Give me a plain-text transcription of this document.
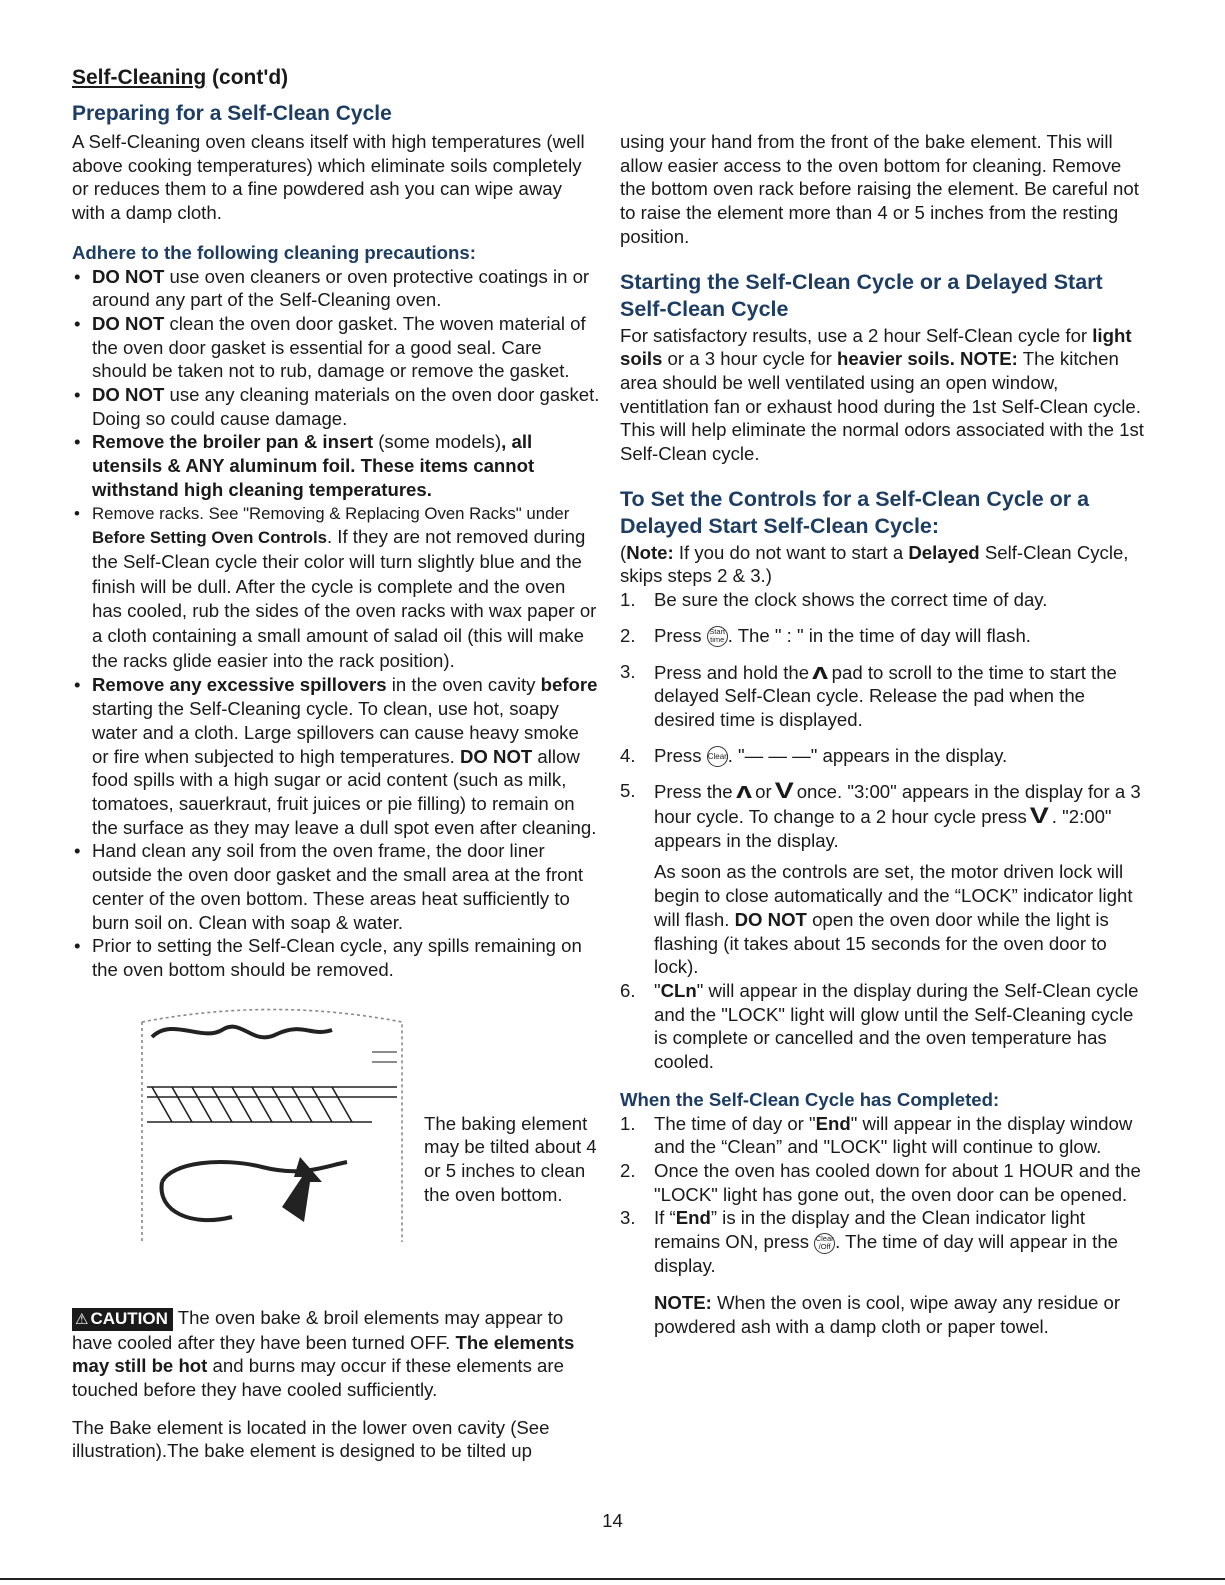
Self-Cleaning (cont'd)
Preparing for a Self-Clean Cycle

A Self-Cleaning oven cleans itself with high temperatures (well above cooking temperatures) which eliminate soils completely or reduces them to a fine powdered ash you can wipe away with a damp cloth.

Adhere to the following cleaning precautions:

• DO NOT use oven cleaners or oven protective coatings in or around any part of the Self-Cleaning oven.
• DO NOT clean the oven door gasket. The woven material of the oven door gasket is essential for a good seal. Care should be taken not to rub, damage or remove the gasket.
• DO NOT use any cleaning materials on the oven door gasket. Doing so could cause damage.
• Remove the broiler pan & insert (some models), all utensils & ANY aluminum foil. These items cannot withstand high cleaning temperatures.
• Remove racks. See "Removing & Replacing Oven Racks" under Before Setting Oven Controls. If they are not removed during the Self-Clean cycle their color will turn slightly blue and the finish will be dull. After the cycle is complete and the oven has cooled, rub the sides of the oven racks with wax paper or a cloth containing a small amount of salad oil (this will make the racks glide easier into the rack position).
• Remove any excessive spillovers in the oven cavity before starting the Self-Cleaning cycle. To clean, use hot, soapy water and a cloth. Large spillovers can cause heavy smoke or fire when subjected to high temperatures. DO NOT allow food spills with a high sugar or acid content (such as milk, tomatoes, sauerkraut, fruit juices or pie filling) to remain on the surface as they may leave a dull spot even after cleaning.
• Hand clean any soil from the oven frame, the door liner outside the oven door gasket and the small area at the front center of the oven bottom. These areas heat sufficiently to burn soil on. Clean with soap & water.
• Prior to setting the Self-Clean cycle, any spills remaining on the oven bottom should be removed.

The baking element may be tilted about 4 or 5 inches to clean the oven bottom.

⚠ CAUTION The oven bake & broil elements may appear to have cooled after they have been turned OFF. The elements may still be hot and burns may occur if these elements are touched before they have cooled sufficiently.

The Bake element is located in the lower oven cavity (See illustration).The bake element is designed to be tilted up

using your hand from the front of the bake element. This will allow easier access to the oven bottom for cleaning. Remove the bottom oven rack before raising the element. Be careful not to raise the element more than 4 or 5 inches from the resting position.

Starting the Self-Clean Cycle or a Delayed Start Self-Clean Cycle

For satisfactory results, use a 2 hour Self-Clean cycle for light soils or a 3 hour cycle for heavier soils. NOTE: The kitchen area should be well ventilated using an open window, ventitlation fan or exhaust hood during the 1st Self-Clean cycle. This will help eliminate the normal odors associated with the 1st Self-Clean cycle.

To Set the Controls for a Self-Clean Cycle or a Delayed Start Self-Clean Cycle:

(Note: If you do not want to start a Delayed Self-Clean Cycle, skips steps 2 & 3.)

1. Be sure the clock shows the correct time of day.
2. Press Start time . The " : " in the time of day will flash.
3. Press and hold the ʌ pad to scroll to the time to start the delayed Self-Clean cycle. Release the pad when the desired time is displayed.
4. Press Clean. "— — —" appears in the display.
5. Press the ʌ or V once. "3:00" appears in the display for a 3 hour cycle. To change to a 2 hour cycle press V . "2:00" appears in the display.

As soon as the controls are set, the motor driven lock will begin to close automatically and the “LOCK” indicator light will flash. DO NOT open the oven door while the light is flashing (it takes about 15 seconds for the oven door to lock).

6. "CLn" will appear in the display during the Self-Clean cycle and the "LOCK" light will glow until the Self-Cleaning cycle is complete or cancelled and the oven temperature has cooled.

When the Self-Clean Cycle has Completed:

1. The time of day or "End" will appear in the display window and the “Clean” and "LOCK" light will continue to glow.
2. Once the oven has cooled down for about 1 HOUR and the "LOCK" light has gone out, the oven door can be opened.
3. If “End” is in the display and the Clean indicator light remains ON, press Clear /Off . The time of day will appear in the display.

NOTE: When the oven is cool, wipe away any residue or powdered ash with a damp cloth or paper towel.

14
